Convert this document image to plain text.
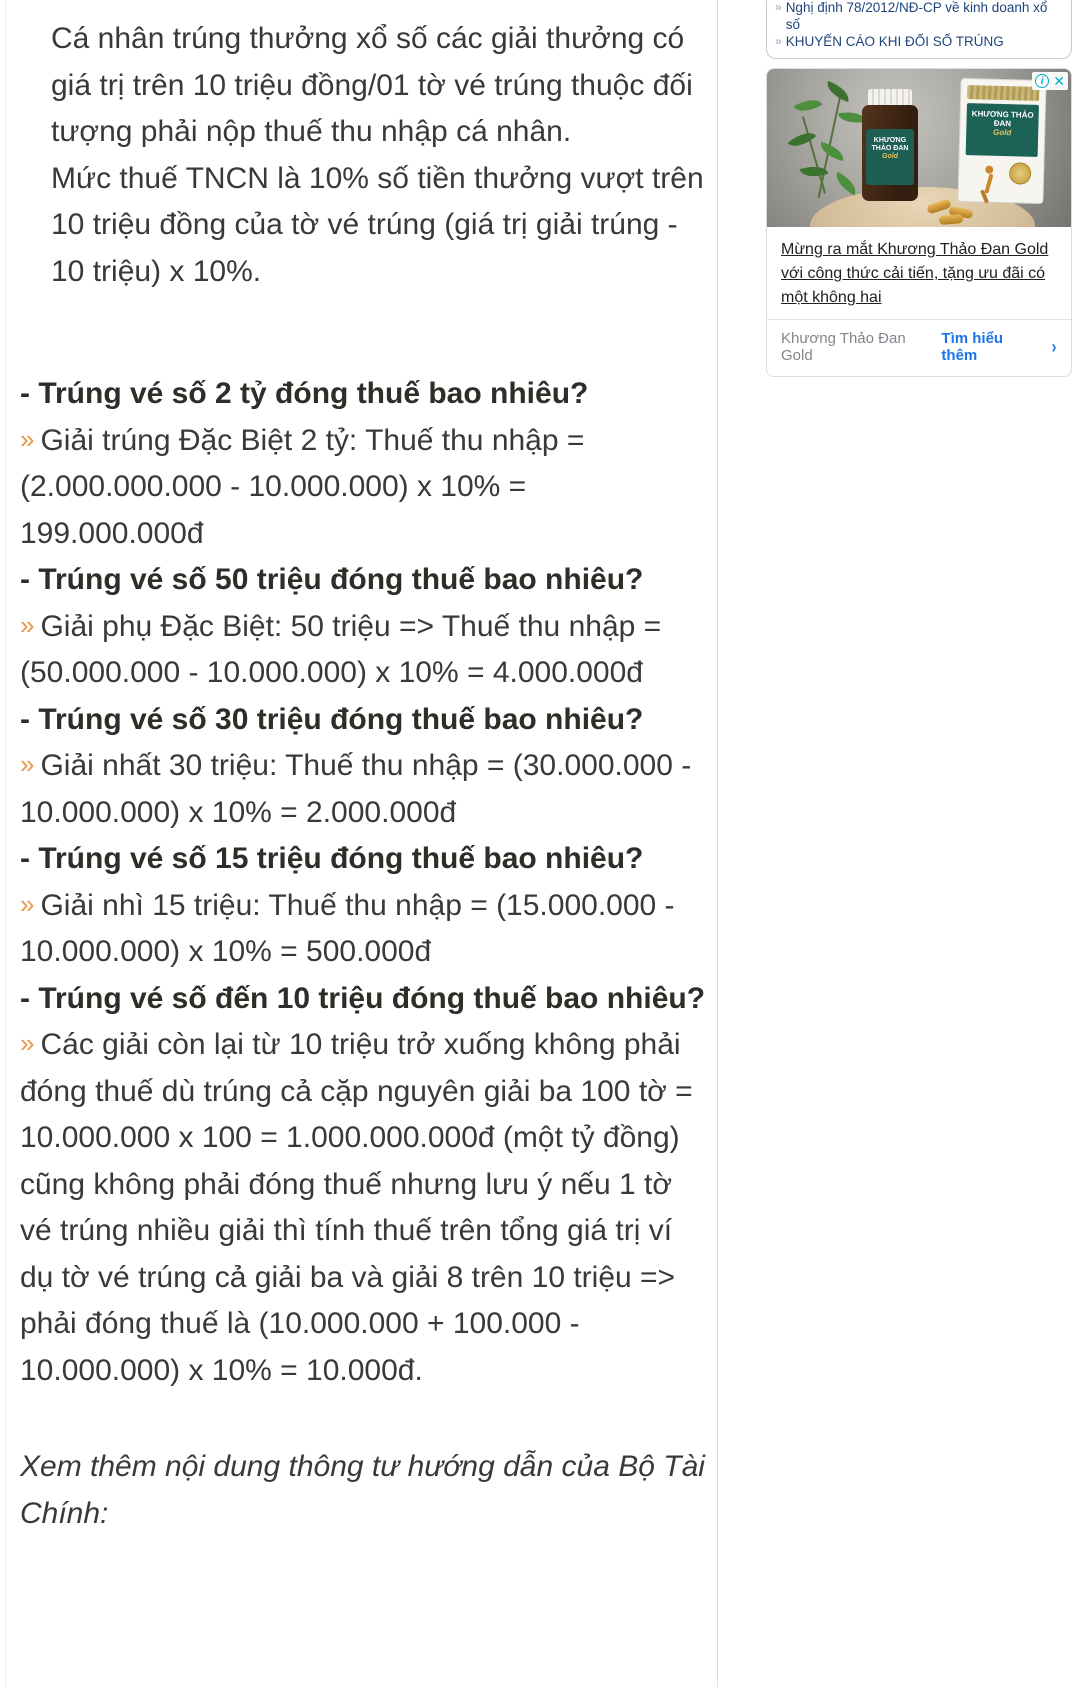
Cá nhân trúng thưởng xổ số các giải thưởng có giá trị trên 10 triệu đồng/01 tờ vé trúng thuộc đối tượng phải nộp thuế thu nhập cá nhân.

Mức thuế TNCN là 10% số tiền thưởng vượt trên 10 triệu đồng của tờ vé trúng (giá trị giải trúng - 10 triệu) x 10%.

- Trúng vé số 2 tỷ đóng thuế bao nhiêu?

» Giải trúng Đặc Biệt 2 tỷ: Thuế thu nhập = (2.000.000.000 - 10.000.000) x 10% = 199.000.000đ

- Trúng vé số 50 triệu đóng thuế bao nhiêu?

» Giải phụ Đặc Biệt: 50 triệu => Thuế thu nhập = (50.000.000 - 10.000.000) x 10% = 4.000.000đ

- Trúng vé số 30 triệu đóng thuế bao nhiêu?

» Giải nhất 30 triệu: Thuế thu nhập = (30.000.000 - 10.000.000) x 10% = 2.000.000đ

- Trúng vé số 15 triệu đóng thuế bao nhiêu?

» Giải nhì 15 triệu: Thuế thu nhập = (15.000.000 - 10.000.000) x 10% = 500.000đ

- Trúng vé số đến 10 triệu đóng thuế bao nhiêu?

» Các giải còn lại từ 10 triệu trở xuống không phải đóng thuế dù trúng cả cặp nguyên giải ba 100 tờ = 10.000.000 x 100 = 1.000.000.000đ (một tỷ đồng) cũng không phải đóng thuế nhưng lưu ý nếu 1 tờ vé trúng nhiều giải thì tính thuế trên tổng giá trị ví dụ tờ vé trúng cả giải ba và giải 8 trên 10 triệu => phải đóng thuế là (10.000.000 + 100.000 - 10.000.000) x 10% = 10.000đ.

Xem thêm nội dung thông tư hướng dẫn của Bộ Tài Chính:

» Nghị định 78/2012/NĐ-CP về kinh doanh xổ số
» KHUYẾN CÁO KHI ĐỔI SỐ TRÚNG
i ✕
KHƯƠNG THẢO ĐAN
Gold
KHƯƠNG THẢO ĐAN
Gold
Mừng ra mắt Khương Thảo Đan Gold với công thức cải tiến, tặng ưu đãi có một không hai
Khương Thảo Đan Gold
Tìm hiểu thêm	›
